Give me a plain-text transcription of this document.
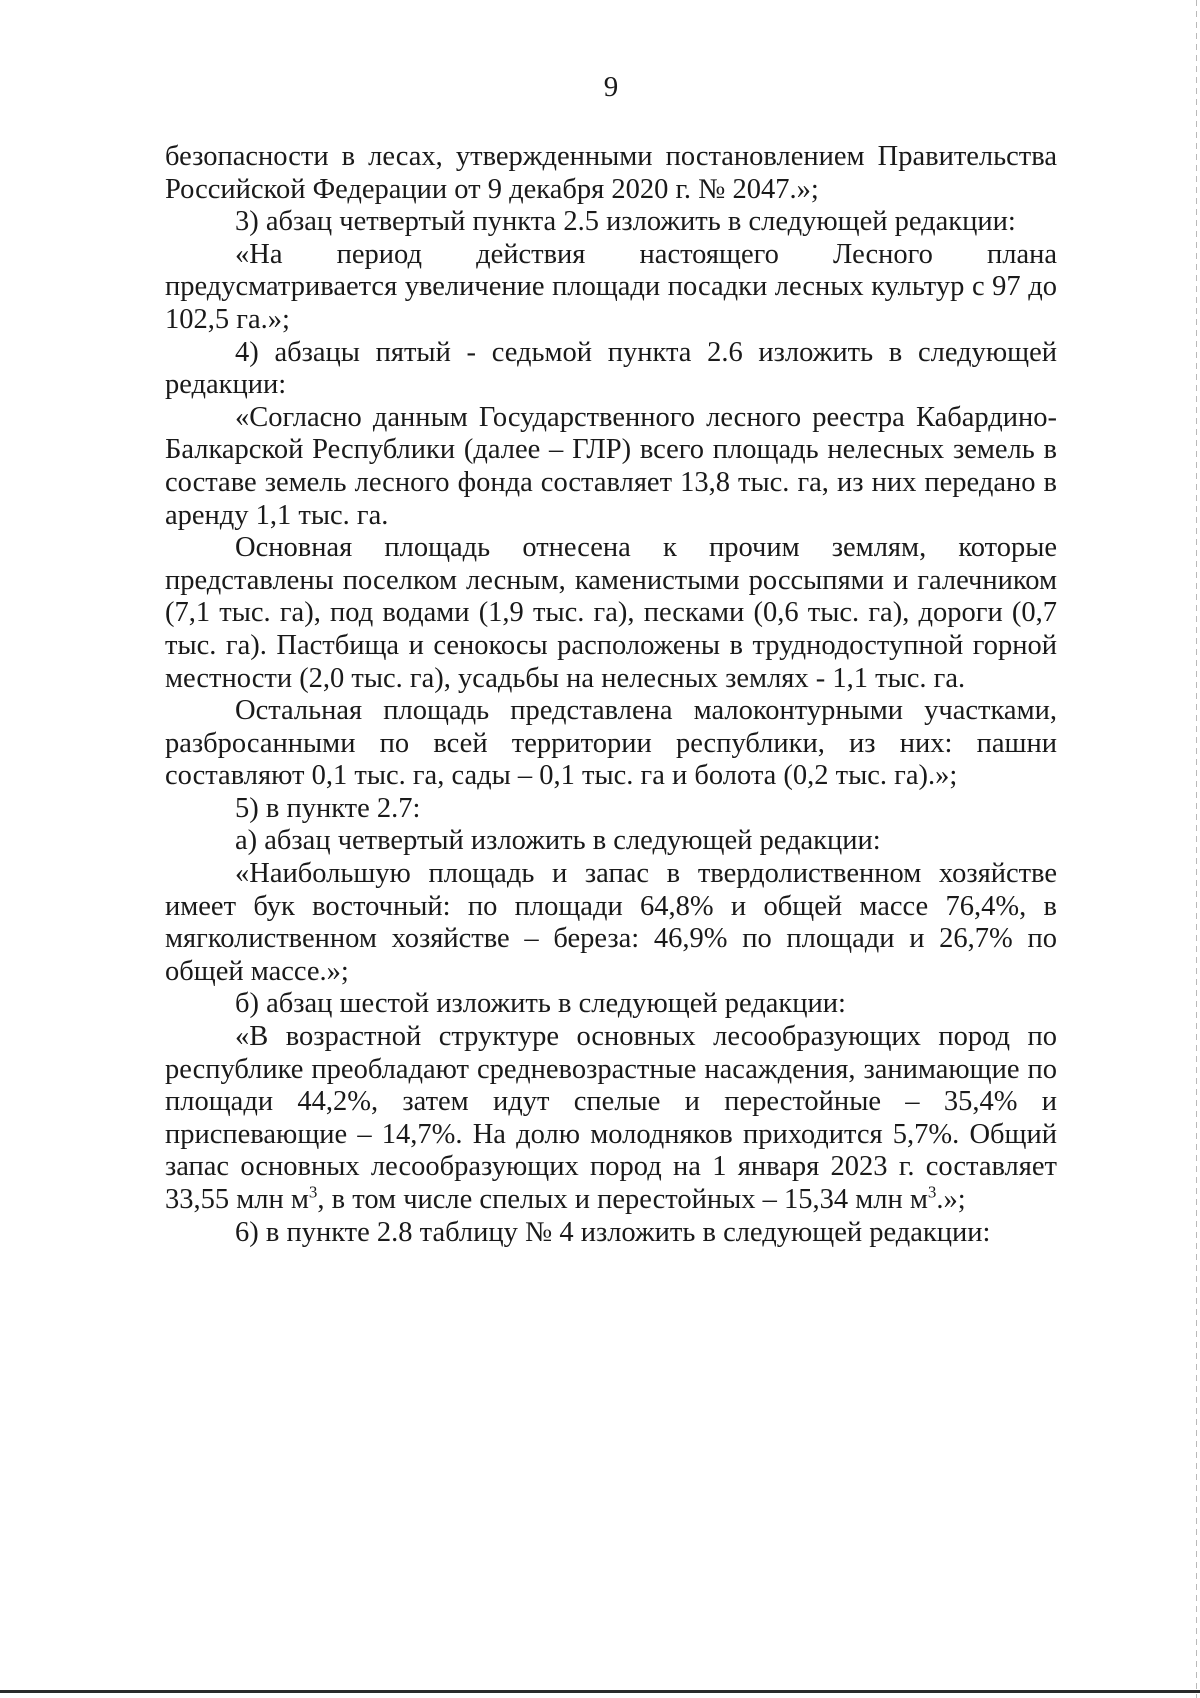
9

безопасности в лесах, утвержденными постановлением Правительства Российской Федерации от 9 декабря 2020 г. № 2047.»;

3) абзац четвертый пункта 2.5 изложить в следующей редакции:

«На период действия настоящего Лесного плана предусматривается увеличение площади посадки лесных культур с 97 до 102,5 га.»;

4) абзацы пятый - седьмой пункта 2.6 изложить в следующей редакции:

«Согласно данным Государственного лесного реестра Кабардино-Балкарской Республики (далее – ГЛР) всего площадь нелесных земель в составе земель лесного фонда составляет 13,8 тыс. га, из них передано в аренду 1,1 тыс. га.

Основная площадь отнесена к прочим землям, которые представлены поселком лесным, каменистыми россыпями и галечником (7,1 тыс. га), под водами (1,9 тыс. га), песками (0,6 тыс. га), дороги (0,7 тыс. га). Пастбища и сенокосы расположены в труднодоступной горной местности (2,0 тыс. га), усадьбы на нелесных землях - 1,1 тыс. га.

Остальная площадь представлена малоконтурными участками, разбросанными по всей территории республики, из них: пашни составляют 0,1 тыс. га, сады – 0,1 тыс. га и болота (0,2 тыс. га).»;

5) в пункте 2.7:

а) абзац четвертый изложить в следующей редакции:

«Наибольшую площадь и запас в твердолиственном хозяйстве имеет бук восточный: по площади 64,8% и общей массе 76,4%, в мягколиственном хозяйстве – береза: 46,9% по площади и 26,7% по общей массе.»;

б) абзац шестой изложить в следующей редакции:

«В возрастной структуре основных лесообразующих пород по республике преобладают средневозрастные насаждения, занимающие по площади 44,2%, затем идут спелые и перестойные – 35,4% и приспевающие – 14,7%. На долю молодняков приходится 5,7%. Общий запас основных лесообразующих пород на 1 января 2023 г. составляет 33,55 млн $м^3$, в том числе спелых и перестойных – 15,34 млн $м^3$.»;

6) в пункте 2.8 таблицу № 4 изложить в следующей редакции:
